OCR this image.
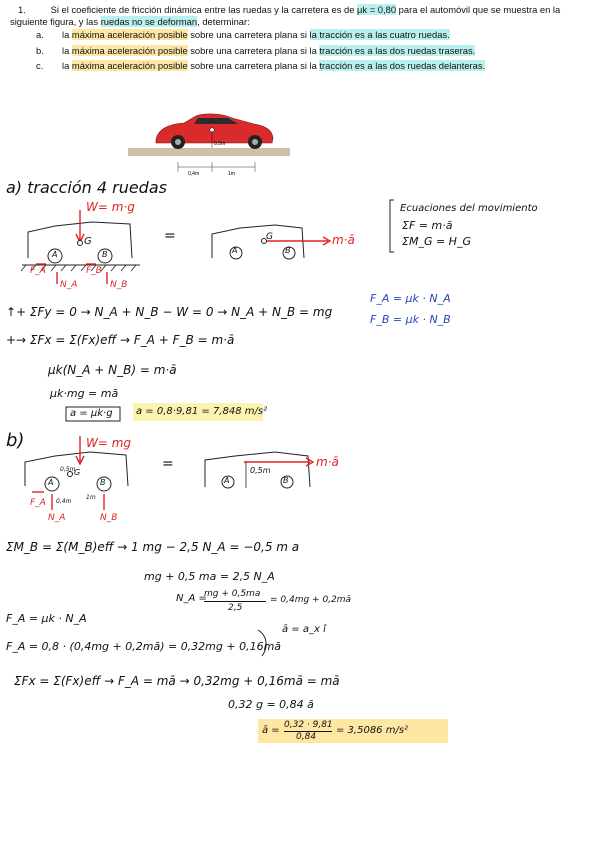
1.	Si el coeficiente de fricción dinámica entre las ruedas y la carretera es de μk = 0,80 para el automóvil que se muestra en la siguiente figura, y las ruedas no se deforman, determinar:
a. la máxima aceleración posible sobre una carretera plana si la tracción es a las cuatro ruedas.
b. la máxima aceleración posible sobre una carretera plana si la tracción es a las dos ruedas traseras.
c. la máxima aceleración posible sobre una carretera plana si la tracción es a las dos ruedas delanteras.
0,5m
0,4m	1m
a) tracción 4 ruedas
W= m·g
G
A	B
F_A	F_B
N_A	N_B
=	m·ā
A	B
G
Ecuaciones del movimiento
ΣF = m·ā
ΣM_G = H_G
F_A = μk · N_A
F_B = μk · N_B
↑+ ΣFy = 0 → N_A + N_B − W = 0 → N_A + N_B = mg
+→ ΣFx = Σ(Fx)eff → F_A + F_B = m·ā
μk(N_A + N_B) = m·ā
μk·mg = mā
a = μk·g a = 0,8·9,81 = 7,848 m/s²
b)	W= mg
A	B
G
F_A
N_A	N_B
0,4m
1m
0,5m	=	m·ā
0,5m
A	B
ΣM_B = Σ(M_B)eff → 1 mg − 2,5 N_A = −0,5 m a
mg + 0,5 ma = 2,5 N_A
N_A =
mg + 0,5ma
2,5
= 0,4mg + 0,2mā
F_A = μk · N_A
F_A = 0,8 · (0,4mg + 0,2mā) = 0,32mg + 0,16mā
ā = a_x î
ΣFx = Σ(Fx)eff → F_A = mā → 0,32mg + 0,16mā = mā
0,32 g = 0,84 ā
ā = 0,32 · 9,81
0,84
= 3,5086 m/s²
